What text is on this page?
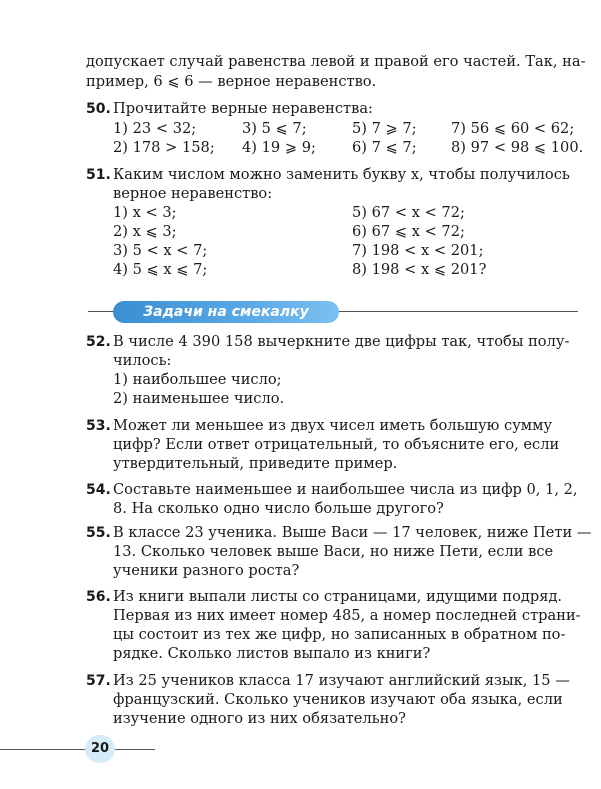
допускает случай равенства левой и правой его частей. Так, на-
пример, 6 ⩽ 6 — верное неравенство.
50. Прочитайте верные неравенства:
1) 23 < 32;	3) 5 ⩽ 7;	5) 7 ⩾ 7; 7) 56 ⩽ 60 < 62;
2) 178 > 158; 4) 19 ⩾ 9; 6) 7 ⩽ 7; 8) 97 < 98 ⩽ 100.
51. Каким числом можно заменить букву x, чтобы получилось
верное неравенство:
1) x < 3;
2) x ⩽ 3;
3) 5 < x < 7;
4) 5 ⩽ x ⩽ 7;
5) 67 < x < 72;
6) 67 ⩽ x < 72;
7) 198 < x < 201;
8) 198 < x ⩽ 201?
Задачи на смекалку
52. В числе 4 390 158 вычеркните две цифры так, чтобы полу-
чилось:
1) наибольшее число;
2) наименьшее число.
53. Может ли меньшее из двух чисел иметь большую сумму
цифр? Если ответ отрицательный, то объясните его, если
утвердительный, приведите пример.
54. Составьте наименьшее и наибольшее числа из цифр 0, 1, 2,
8. На сколько одно число больше другого?
55. В классе 23 ученика. Выше Васи — 17 человек, ниже Пети —
13. Сколько человек выше Васи, но ниже Пети, если все
ученики разного роста?
56. Из книги выпали листы со страницами, идущими подряд.
Первая из них имеет номер 485, а номер последней страни-
цы состоит из тех же цифр, но записанных в обратном по-
рядке. Сколько листов выпало из книги?
57. Из 25 учеников класса 17 изучают английский язык, 15 —
французский. Сколько учеников изучают оба языка, если
изучение одного из них обязательно?
20
